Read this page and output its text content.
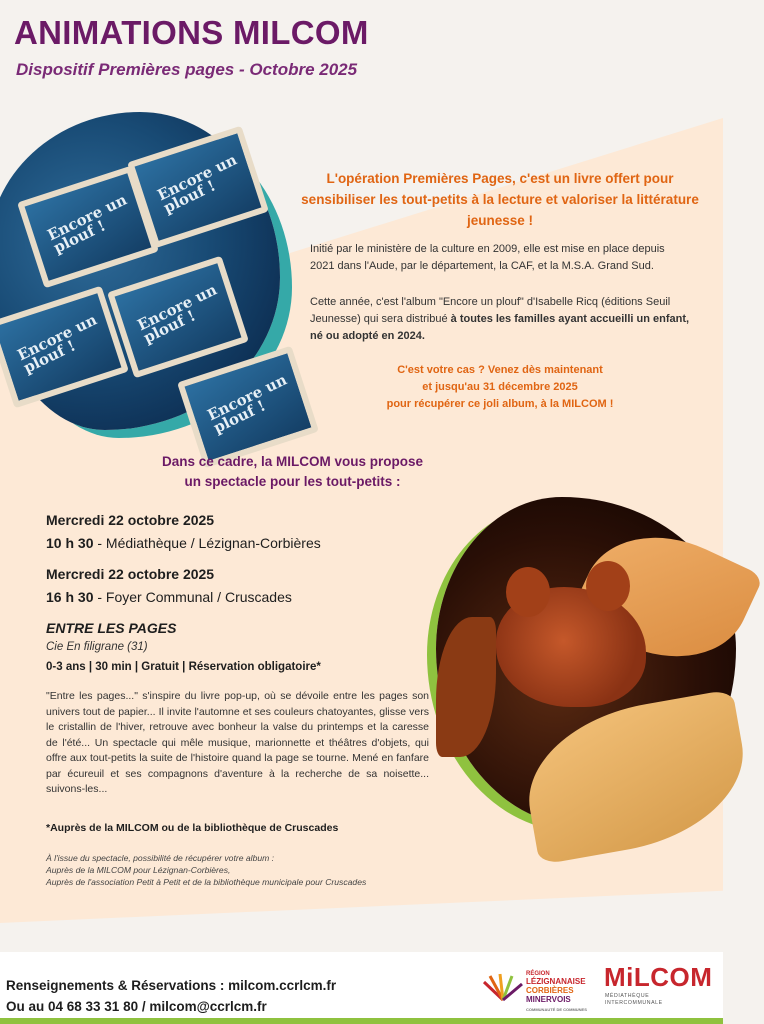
ANIMATIONS MILCOM
Dispositif Premières pages - Octobre 2025
Encore un plouf !
Encore un plouf !
Encore un plouf !
Encore un plouf !
Encore un plouf !
L'opération Premières Pages, c'est un livre offert pour sensibiliser les tout-petits à la lecture et valoriser la littérature jeunesse !

Initié par le ministère de la culture en 2009, elle est mise en place depuis 2021 dans l'Aude, par le département, la CAF, et la M.S.A. Grand Sud.

Cette année, c'est l'album "Encore un plouf" d'Isabelle Ricq (éditions Seuil Jeunesse) qui sera distribué à toutes les familles ayant accueilli un enfant, né ou adopté en 2024.

C'est votre cas ? Venez dès maintenant
et jusqu'au 31 décembre 2025
pour récupérer ce joli album, à la MILCOM !
Dans ce cadre, la MILCOM vous propose
un spectacle pour les tout-petits :
Mercredi 22 octobre 2025
10 h 30 - Médiathèque / Lézignan-Corbières
Mercredi 22 octobre 2025
16 h 30 - Foyer Communal / Cruscades
ENTRE LES PAGES
Cie En filigrane (31)
0-3 ans | 30 min | Gratuit | Réservation obligatoire*

"Entre les pages..." s'inspire du livre pop-up, où se dévoile entre les pages son univers tout de papier... Il invite l'automne et ses couleurs chatoyantes, glisse vers le cristallin de l'hiver, retrouve avec bonheur la valse du printemps et la caresse de l'été... Un spectacle qui mêle musique, marionnette et théâtres d'objets, qui offre aux tout-petits la suite de l'histoire quand la page se tourne. Mené en fanfare par écureuil et ses compagnons d'aventure à la recherche de sa noisette... suivons-les...

*Auprès de la MILCOM ou de la bibliothèque de Cruscades
À l'issue du spectacle, possibilité de récupérer votre album :
Auprès de la MILCOM pour Lézignan-Corbières,
Auprès de l'association Petit à Petit et de la bibliothèque municipale pour Cruscades
Renseignements & Réservations : milcom.ccrlcm.fr
Ou au 04 68 33 31 80 / milcom@ccrlcm.fr
RÉGION
LÉZIGNANAISE
CORBIÈRES
MINERVOIS
COMMUNAUTÉ DE COMMUNES
MiLCOM
MÉDIATHÈQUE INTERCOMMUNALE
